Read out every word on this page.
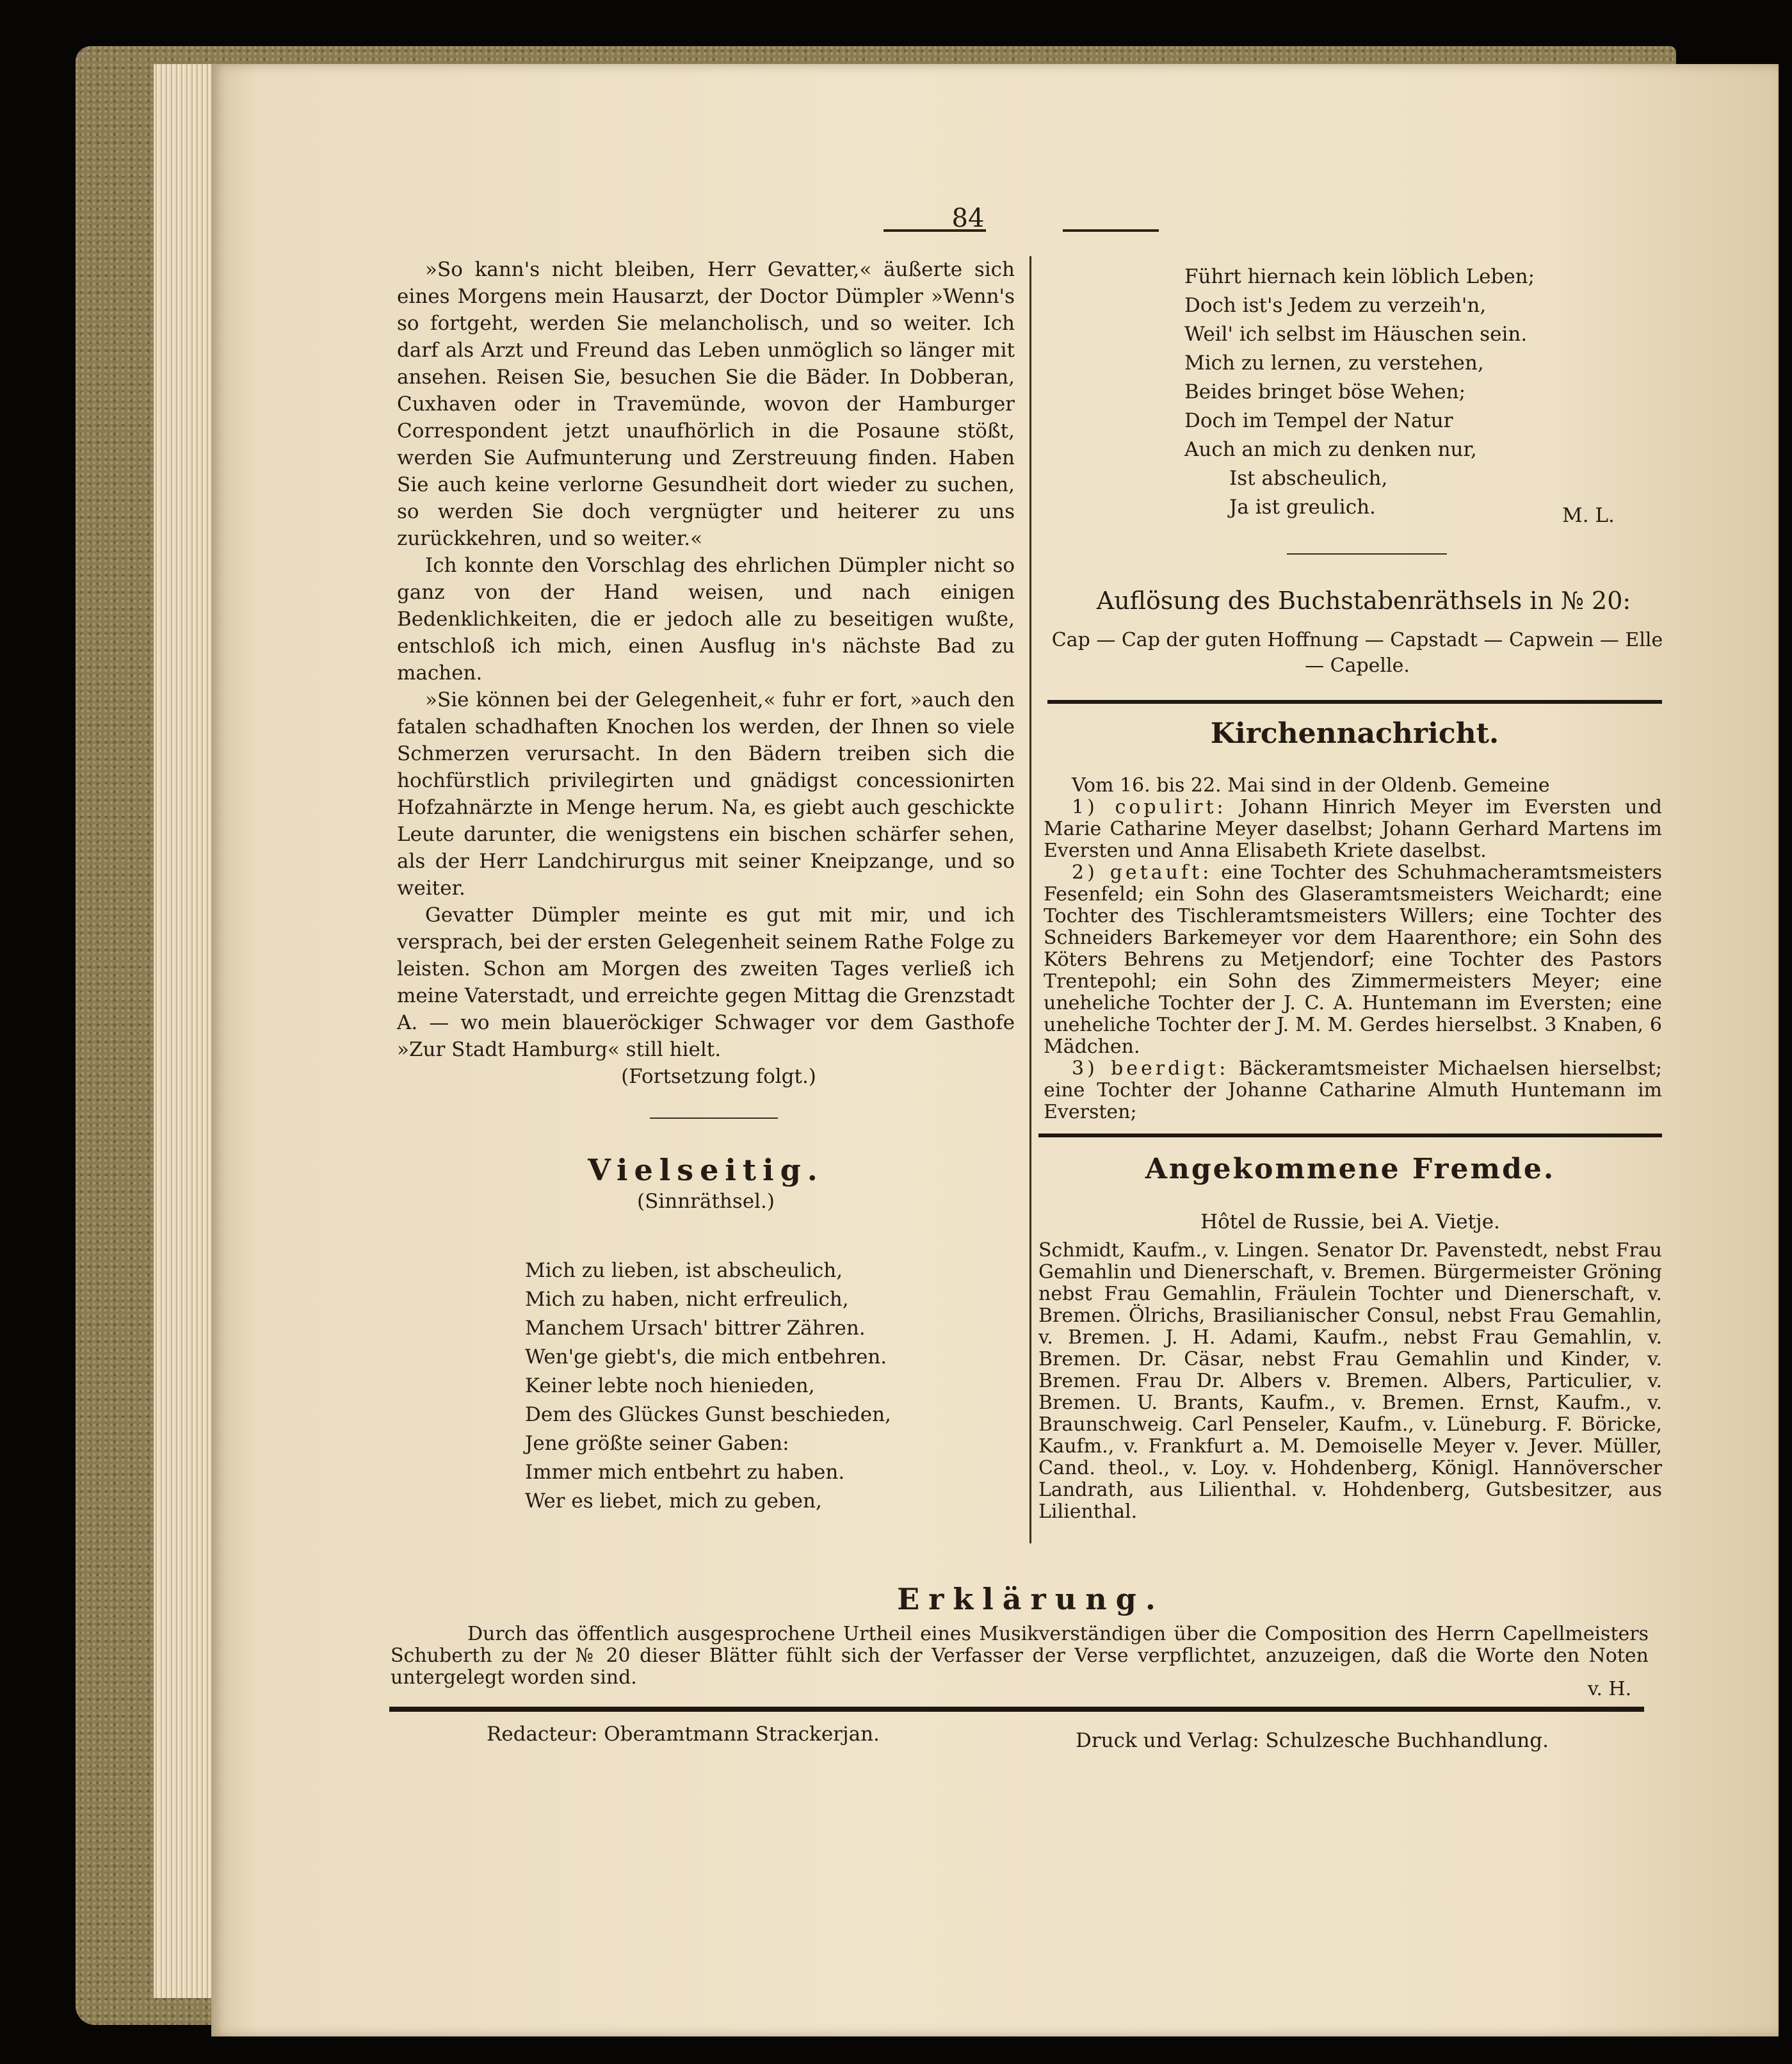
84

»So kann's nicht bleiben, Herr Gevatter,« äußerte sich eines Morgens mein Hausarzt, der Doctor Dümpler »Wenn's so fortgeht, werden Sie melancholisch, und so weiter. Ich darf als Arzt und Freund das Leben unmöglich so länger mit ansehen. Reisen Sie, besuchen Sie die Bäder. In Dobberan, Cuxhaven oder in Travemünde, wovon der Hamburger Correspondent jetzt unaufhörlich in die Posaune stößt, werden Sie Aufmunterung und Zerstreuung finden. Haben Sie auch keine verlorne Gesundheit dort wieder zu suchen, so werden Sie doch vergnügter und heiterer zu uns zurückkehren, und so weiter.«

Ich konnte den Vorschlag des ehrlichen Dümpler nicht so ganz von der Hand weisen, und nach einigen Bedenklichkeiten, die er jedoch alle zu beseitigen wußte, entschloß ich mich, einen Ausflug in's nächste Bad zu machen.

»Sie können bei der Gelegenheit,« fuhr er fort, »auch den fatalen schadhaften Knochen los werden, der Ihnen so viele Schmerzen verursacht. In den Bädern treiben sich die hochfürstlich privilegirten und gnädigst concessionirten Hofzahnärzte in Menge herum. Na, es giebt auch geschickte Leute darunter, die wenigstens ein bischen schärfer sehen, als der Herr Landchirurgus mit seiner Kneipzange, und so weiter.

Gevatter Dümpler meinte es gut mit mir, und ich versprach, bei der ersten Gelegenheit seinem Rathe Folge zu leisten. Schon am Morgen des zweiten Tages verließ ich meine Vaterstadt, und erreichte gegen Mittag die Grenzstadt A. — wo mein blaueröckiger Schwager vor dem Gasthofe »Zur Stadt Hamburg« still hielt.

(Fortsetzung folgt.)

Vielseitig.
(Sinnräthsel.)

Mich zu lieben, ist abscheulich,

Mich zu haben, nicht erfreulich,

Manchem Ursach' bittrer Zähren.

Wen'ge giebt's, die mich entbehren.

Keiner lebte noch hienieden,

Dem des Glückes Gunst beschieden,

Jene größte seiner Gaben:

Immer mich entbehrt zu haben.

Wer es liebet, mich zu geben,

Führt hiernach kein löblich Leben;

Doch ist's Jedem zu verzeih'n,

Weil' ich selbst im Häuschen sein.

Mich zu lernen, zu verstehen,

Beides bringet böse Wehen;

Doch im Tempel der Natur

Auch an mich zu denken nur,

Ist abscheulich,

Ja ist greulich.	M. L.
Auflösung des Buchstabenräthsels in № 20:
Cap — Cap der guten Hoffnung — Capstadt — Capwein — Elle — Capelle.
Kirchennachricht.

Vom 16. bis 22. Mai sind in der Oldenb. Gemeine

1) copulirt: Johann Hinrich Meyer im Eversten und Marie Catharine Meyer daselbst; Johann Gerhard Martens im Eversten und Anna Elisabeth Kriete daselbst.

2) getauft: eine Tochter des Schuhmacheramtsmeisters Fesenfeld; ein Sohn des Glaseramtsmeisters Weichardt; eine Tochter des Tischleramtsmeisters Willers; eine Tochter des Schneiders Barkemeyer vor dem Haarenthore; ein Sohn des Köters Behrens zu Metjendorf; eine Tochter des Pastors Trentepohl; ein Sohn des Zimmermeisters Meyer; eine uneheliche Tochter der J. C. A. Huntemann im Eversten; eine uneheliche Tochter der J. M. M. Gerdes hierselbst. 3 Knaben, 6 Mädchen.

3) beerdigt: Bäckeramtsmeister Michaelsen hierselbst; eine Tochter der Johanne Catharine Almuth Huntemann im Eversten;

Angekommene Fremde.
Hôtel de Russie, bei A. Vietje.

Schmidt, Kaufm., v. Lingen. Senator Dr. Pavenstedt, nebst Frau Gemahlin und Dienerschaft, v. Bremen. Bürgermeister Gröning nebst Frau Gemahlin, Fräulein Tochter und Dienerschaft, v. Bremen. Ölrichs, Brasilianischer Consul, nebst Frau Gemahlin, v. Bremen. J. H. Adami, Kaufm., nebst Frau Gemahlin, v. Bremen. Dr. Cäsar, nebst Frau Gemahlin und Kinder, v. Bremen. Frau Dr. Albers v. Bremen. Albers, Particulier, v. Bremen. U. Brants, Kaufm., v. Bremen. Ernst, Kaufm., v. Braunschweig. Carl Penseler, Kaufm., v. Lüneburg. F. Böricke, Kaufm., v. Frankfurt a. M. Demoiselle Meyer v. Jever. Müller, Cand. theol., v. Loy. v. Hohdenberg, Königl. Hannöverscher Landrath, aus Lilienthal. v. Hohdenberg, Gutsbesitzer, aus Lilienthal.

Erklärung.

Durch das öffentlich ausgesprochene Urtheil eines Musikverständigen über die Composition des Herrn Capellmeisters Schuberth zu der № 20 dieser Blätter fühlt sich der Verfasser der Verse verpflichtet, anzuzeigen, daß die Worte den Noten untergelegt worden sind.

v. H.
Redacteur: Oberamtmann Strackerjan.	Druck und Verlag: Schulzesche Buchhandlung.
